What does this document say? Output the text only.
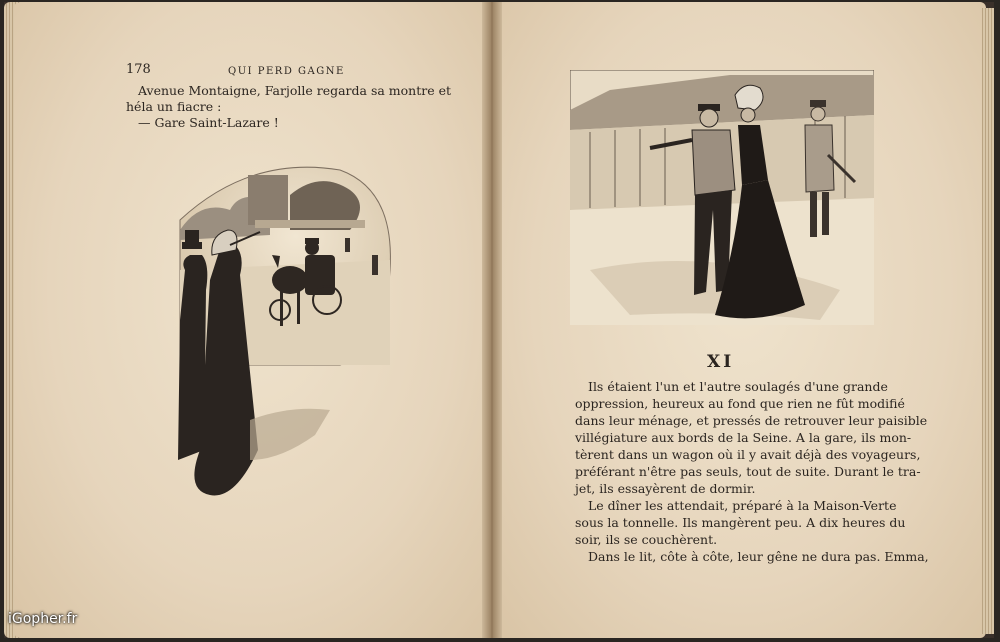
178	QUI PERD GAGNE
Avenue Montaigne, Farjolle regarda sa montre et
héla un fiacre :
— Gare Saint-Lazare !
XI
Ils étaient l'un et l'autre soulagés d'une grande
oppression, heureux au fond que rien ne fût modifié
dans leur ménage, et pressés de retrouver leur paisible
villégiature aux bords de la Seine. A la gare, ils mon-
tèrent dans un wagon où il y avait déjà des voyageurs,
préférant n'être pas seuls, tout de suite. Durant le tra-
jet, ils essayèrent de dormir.
Le dîner les attendait, préparé à la Maison-Verte
sous la tonnelle. Ils mangèrent peu. A dix heures du
soir, ils se couchèrent.
Dans le lit, côte à côte, leur gêne ne dura pas. Emma,
iGopher.fr
